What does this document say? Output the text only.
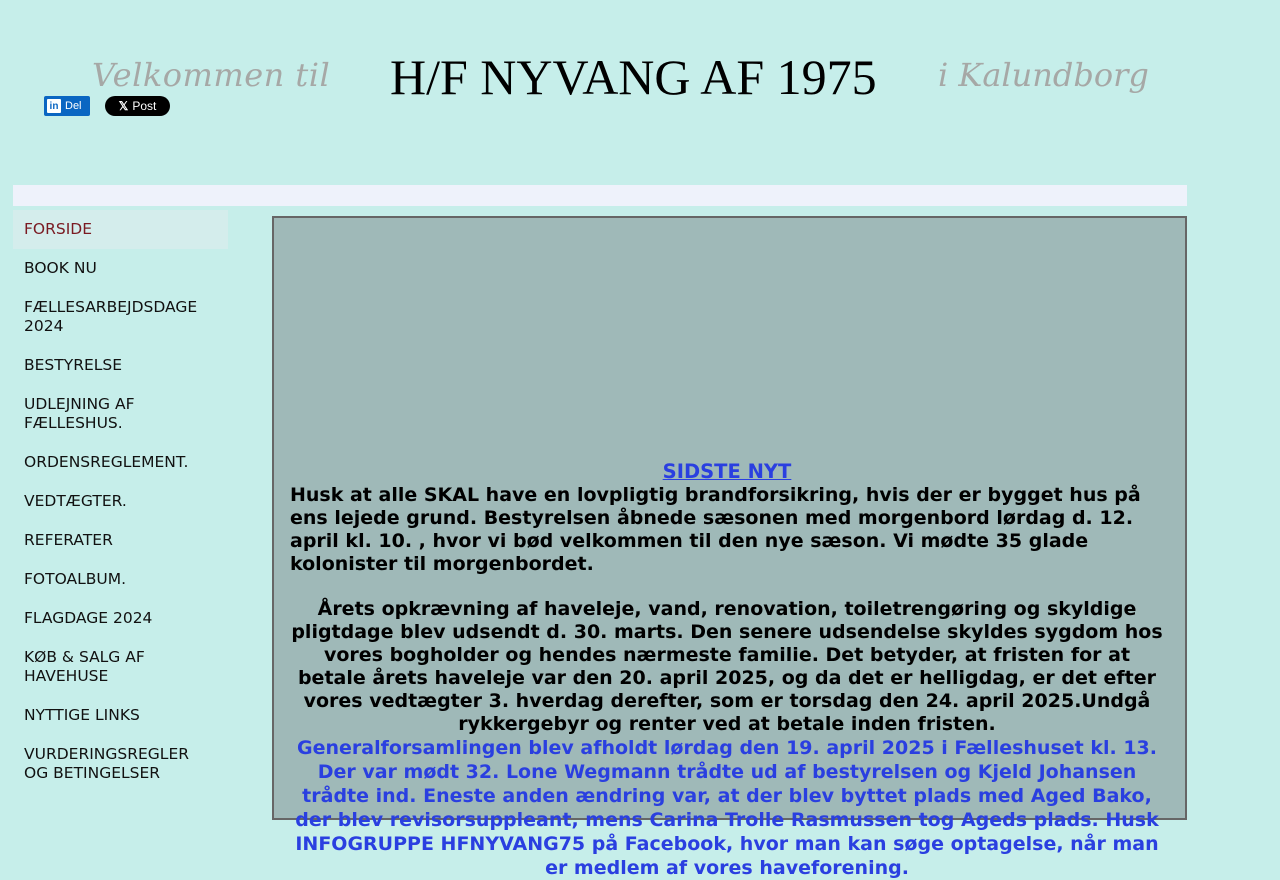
Velkommen til H/F NYVANG AF 1975 i Kalundborg
in Del	𝕏 Post
FORSIDE
BOOK NU
FÆLLESARBEJDSDAGE 2024
BESTYRELSE
UDLEJNING AF FÆLLESHUS.
ORDENSREGLEMENT.
VEDTÆGTER.
REFERATER
FOTOALBUM.
FLAGDAGE 2024
KØB & SALG AF HAVEHUSE
NYTTIGE LINKS
VURDERINGSREGLER OG BETINGELSER
SIDSTE NYT

Husk at alle SKAL have en lovpligtig brandforsikring, hvis der er bygget hus på ens lejede grund. Bestyrelsen åbnede sæsonen med morgenbord lørdag d. 12. april kl. 10. , hvor vi bød velkommen til den nye sæson. Vi mødte 35 glade kolonister til morgenbordet.

Årets opkrævning af haveleje, vand, renovation, toiletrengøring og skyldige pligtdage blev udsendt d. 30. marts. Den senere udsendelse skyldes sygdom hos vores bogholder og hendes nærmeste familie. Det betyder, at fristen for at betale årets haveleje var den 20. april 2025, og da det er helligdag, er det efter vores vedtægter 3. hverdag derefter, som er torsdag den 24. april 2025.Undgå rykkergebyr og renter ved at betale inden fristen.

Generalforsamlingen blev afholdt lørdag den 19. april 2025 i Fælleshuset kl. 13. Der var mødt 32. Lone Wegmann trådte ud af bestyrelsen og Kjeld Johansen trådte ind. Eneste anden ændring var, at der blev byttet plads med Aged Bako, der blev revisorsuppleant, mens Carina Trolle Rasmussen tog Ageds plads. Husk INFOGRUPPE HFNYVANG75 på Facebook, hvor man kan søge optagelse, når man er medlem af vores haveforening.
